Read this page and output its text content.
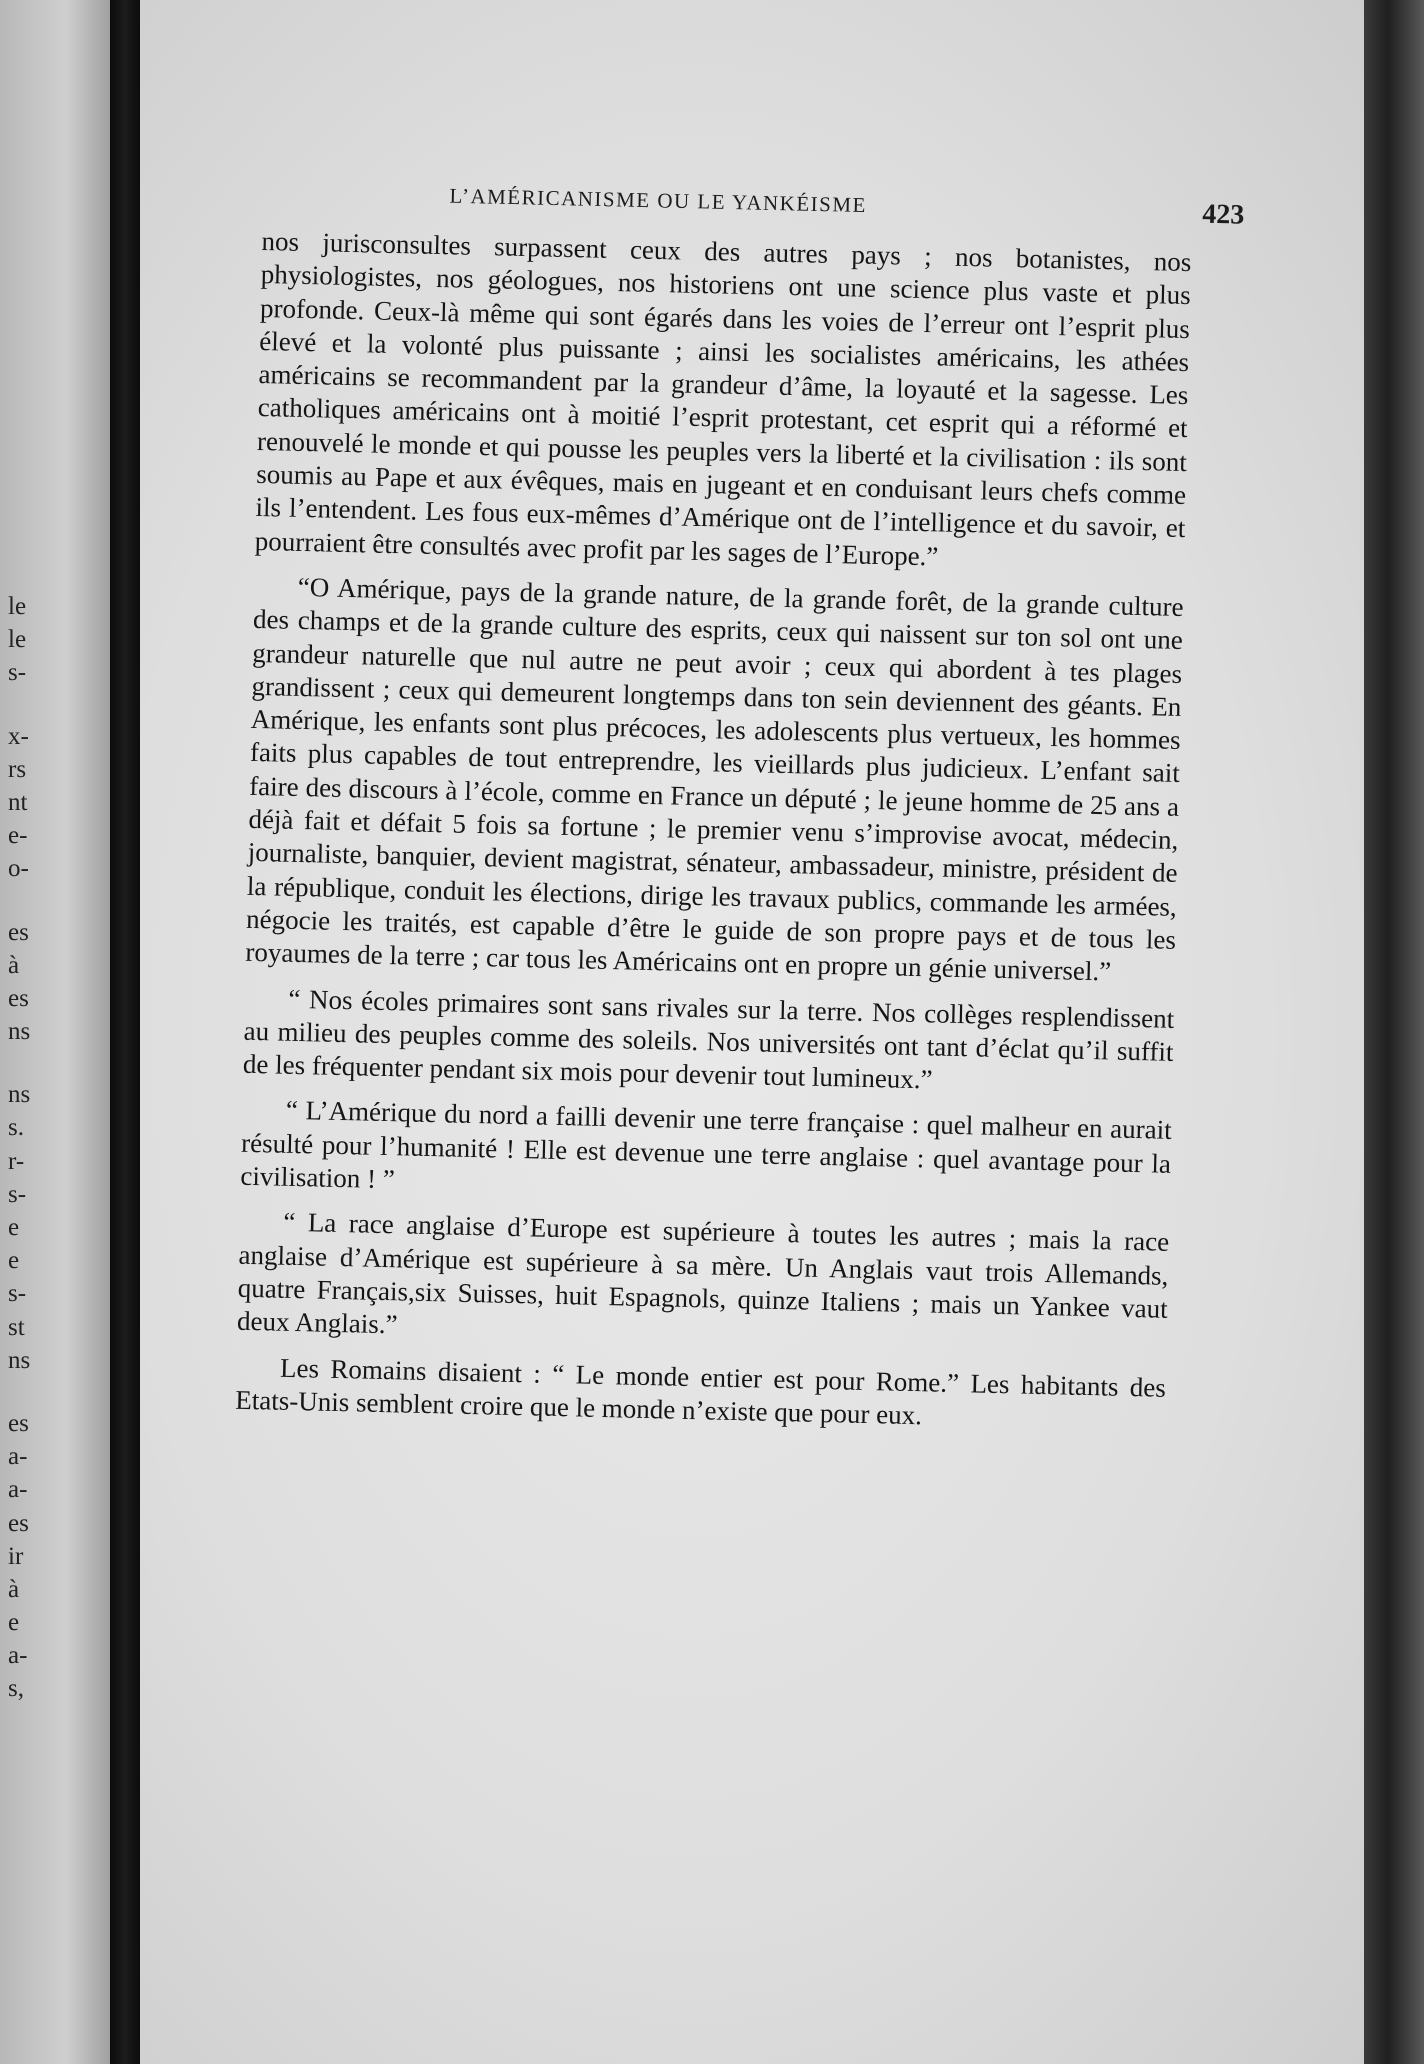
le
le
s-
x-
rs
nt
e-
o-
es
à
es
ns
ns
s.
r-
s-
e
e
s-
st
ns
es
a-
a-
es
ir
à
e
a-
s,
L’AMÉRICANISME OU LE YANKÉISME	423

nos jurisconsultes surpassent ceux des autres pays ; nos botanistes, nos physiologistes, nos géologues, nos historiens ont une science plus vaste et plus profonde. Ceux-là même qui sont égarés dans les voies de l’erreur ont l’esprit plus élevé et la volonté plus puissante ; ainsi les socialistes américains, les athées américains se recommandent par la grandeur d’âme, la loyauté et la sagesse. Les catholiques américains ont à moitié l’esprit protestant, cet esprit qui a réformé et renouvelé le monde et qui pousse les peuples vers la liberté et la civilisation : ils sont soumis au Pape et aux évêques, mais en jugeant et en conduisant leurs chefs comme ils l’entendent. Les fous eux-mêmes d’Amérique ont de l’intelligence et du savoir, et pourraient être consultés avec profit par les sages de l’Europe.”

“O Amérique, pays de la grande nature, de la grande forêt, de la grande culture des champs et de la grande culture des esprits, ceux qui naissent sur ton sol ont une grandeur naturelle que nul autre ne peut avoir ; ceux qui abordent à tes plages grandissent ; ceux qui demeurent longtemps dans ton sein deviennent des géants. En Amérique, les enfants sont plus précoces, les adolescents plus vertueux, les hommes faits plus capables de tout entreprendre, les vieillards plus judicieux. L’enfant sait faire des discours à l’école, comme en France un député ; le jeune homme de 25 ans a déjà fait et défait 5 fois sa fortune ; le premier venu s’improvise avocat, médecin, journaliste, banquier, devient magistrat, sénateur, ambassadeur, ministre, président de la république, conduit les élections, dirige les travaux publics, commande les armées, négocie les traités, est capable d’être le guide de son propre pays et de tous les royaumes de la terre ; car tous les Américains ont en propre un génie universel.”

“ Nos écoles primaires sont sans rivales sur la terre. Nos collèges resplendissent au milieu des peuples comme des soleils. Nos universités ont tant d’éclat qu’il suffit de les fréquenter pendant six mois pour devenir tout lumineux.”

“ L’Amérique du nord a failli devenir une terre française : quel malheur en aurait résulté pour l’humanité ! Elle est devenue une terre anglaise : quel avantage pour la civilisation ! ”

“ La race anglaise d’Europe est supérieure à toutes les autres ; mais la race anglaise d’Amérique est supérieure à sa mère. Un Anglais vaut trois Allemands, quatre Français,six Suisses, huit Espagnols, quinze Italiens ; mais un Yankee vaut deux Anglais.”

Les Romains disaient : “ Le monde entier est pour Rome.” Les habitants des Etats-Unis semblent croire que le monde n’existe que pour eux.
